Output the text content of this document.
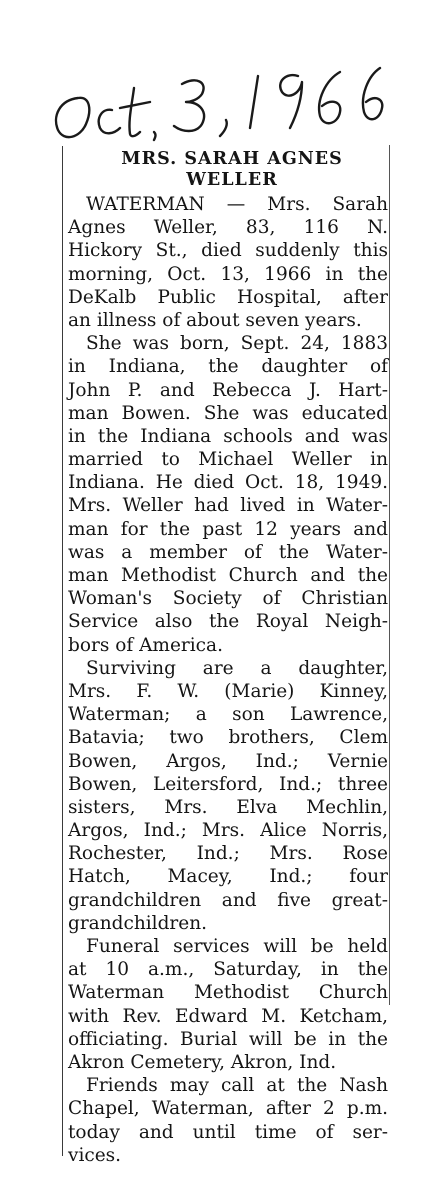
MRS. SARAH AGNES
WELLER
WATERMAN — Mrs. Sarah
Agnes Weller, 83, 116 N.
Hickory St., died suddenly this
morning, Oct. 13, 1966 in the
DeKalb Public Hospital, after
an illness of about seven years.
She was born, Sept. 24, 1883
in Indiana, the daughter of
John P. and Rebecca J. Hart-
man Bowen. She was educated
in the Indiana schools and was
married to Michael Weller in
Indiana. He died Oct. 18, 1949.
Mrs. Weller had lived in Water-
man for the past 12 years and
was a member of the Water-
man Methodist Church and the
Woman's Society of Christian
Service also the Royal Neigh-
bors of America.
Surviving are a daughter,
Mrs. F. W. (Marie) Kinney,
Waterman; a son Lawrence,
Batavia; two brothers, Clem
Bowen, Argos, Ind.; Vernie
Bowen, Leitersford, Ind.; three
sisters, Mrs. Elva Mechlin,
Argos, Ind.; Mrs. Alice Norris,
Rochester, Ind.; Mrs. Rose
Hatch, Macey, Ind.; four
grandchildren and five great-
grandchildren.
Funeral services will be held
at 10 a.m., Saturday, in the
Waterman Methodist Church
with Rev. Edward M. Ketcham,
officiating. Burial will be in the
Akron Cemetery, Akron, Ind.
Friends may call at the Nash
Chapel, Waterman, after 2 p.m.
today and until time of ser-
vices.
